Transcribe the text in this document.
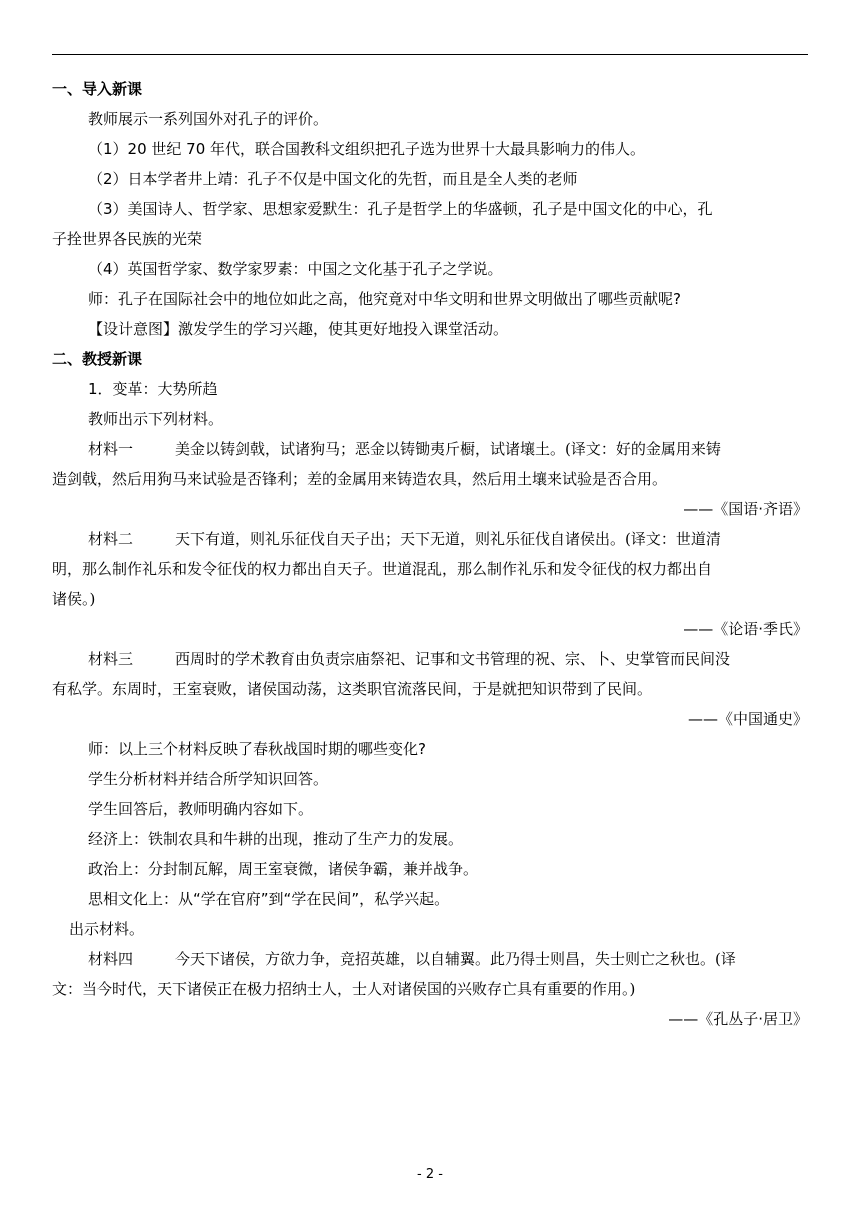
一、导入新课
教师展示一系列国外对孔子的评价。
（1）20 世纪 70 年代，联合国教科文组织把孔子选为世界十大最具影响力的伟人。
（2）日本学者井上靖：孔子不仅是中国文化的先哲，而且是全人类的老师
（3）美国诗人、哲学家、思想家爱默生：孔子是哲学上的华盛顿，孔子是中国文化的中心，孔
子拴世界各民族的光荣
（4）英国哲学家、数学家罗素：中国之文化基于孔子之学说。
师：孔子在国际社会中的地位如此之高，他究竟对中华文明和世界文明做出了哪些贡献呢?
【设计意图】激发学生的学习兴趣，使其更好地投入课堂活动。
二、教授新课
1．变革：大势所趋
教师出示下列材料。
材料一	美金以铸剑戟，试诸狗马；恶金以铸锄夷斤橱，试诸壤土。(译文：好的金属用来铸
造剑戟，然后用狗马来试验是否锋利；差的金属用来铸造农具，然后用土壤来试验是否合用。
——《国语·齐语》
材料二	天下有道，则礼乐征伐自天子出；天下无道，则礼乐征伐自诸侯出。(译文：世道清
明，那么制作礼乐和发令征伐的权力都出自天子。世道混乱，那么制作礼乐和发令征伐的权力都出自
诸侯。)
——《论语·季氏》
材料三	西周时的学术教育由负责宗庙祭祀、记事和文书管理的祝、宗、卜、史掌管而民间没
有私学。东周时，王室衰败，诸侯国动荡，这类职官流落民间，于是就把知识带到了民间。
——《中国通史》
师：以上三个材料反映了春秋战国时期的哪些变化?
学生分析材料并结合所学知识回答。
学生回答后，教师明确内容如下。
经济上：铁制农具和牛耕的出现，推动了生产力的发展。
政治上：分封制瓦解，周王室衰微，诸侯争霸，兼并战争。
思相文化上：从“学在官府”到“学在民间”，私学兴起。
出示材料。
材料四	今天下诸侯，方欲力争，竞招英雄，以自辅翼。此乃得士则昌，失士则亡之秋也。(译
文：当今时代，天下诸侯正在极力招纳士人，士人对诸侯国的兴败存亡具有重要的作用。)
——《孔丛子·居卫》
- 2 -
